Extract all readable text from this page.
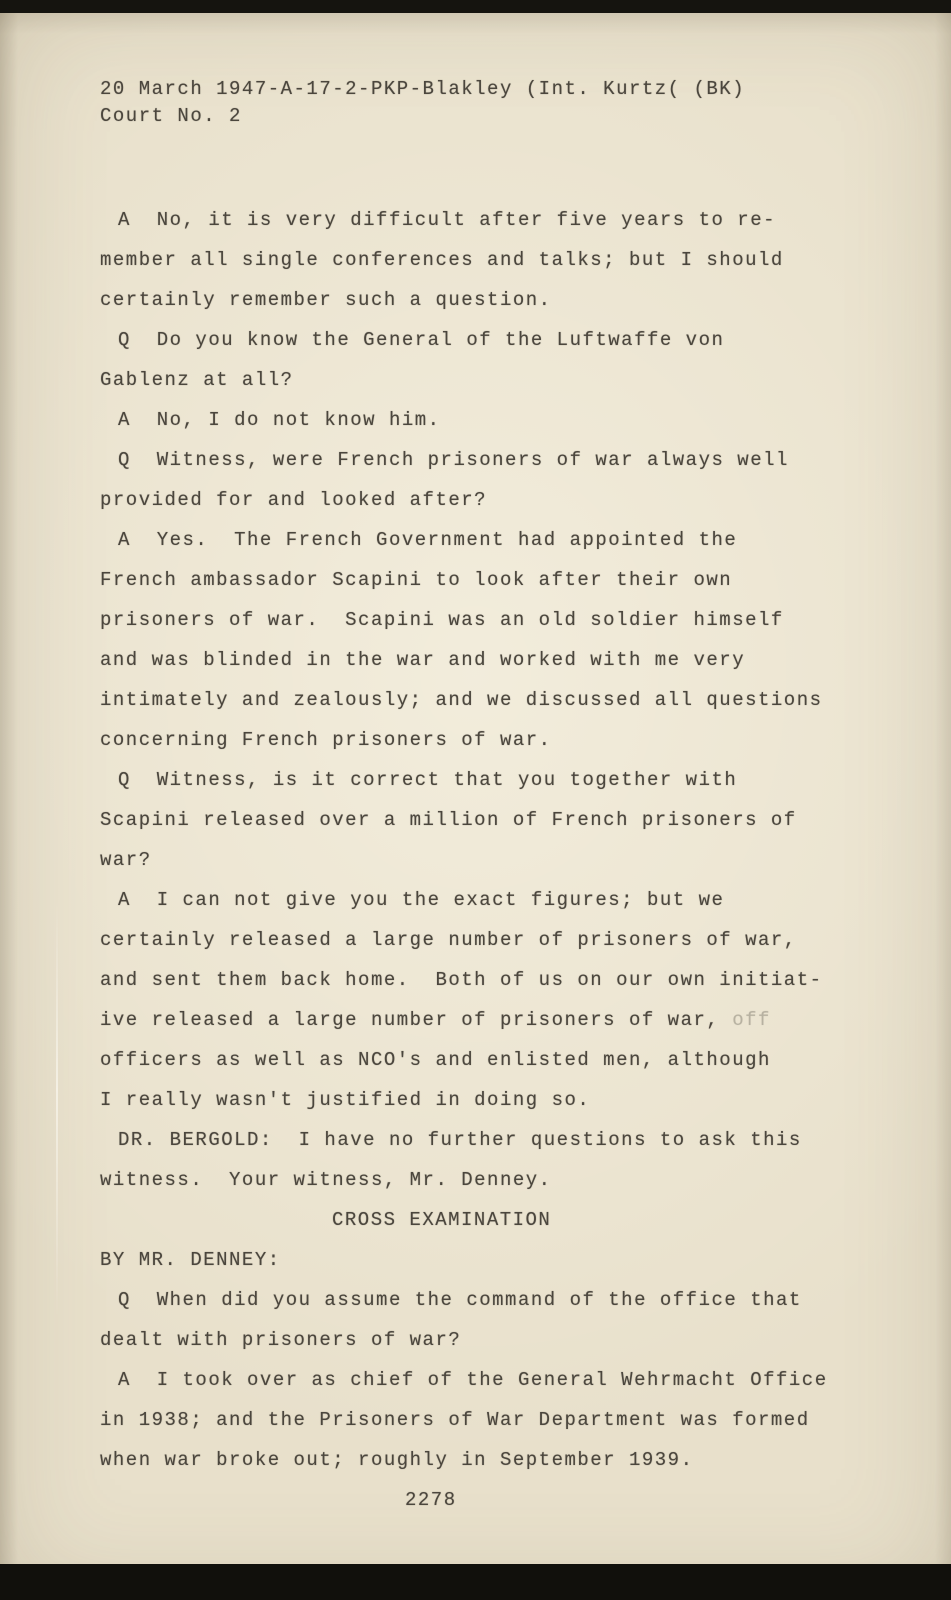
20 March 1947-A-17-2-PKP-Blakley (Int. Kurtz( (BK)
Court No. 2
A  No, it is very difficult after five years to re-
member all single conferences and talks; but I should
certainly remember such a question.
Q  Do you know the General of the Luftwaffe von
Gablenz at all?
A  No, I do not know him.
Q  Witness, were French prisoners of war always well
provided for and looked after?
A  Yes.  The French Government had appointed the
French ambassador Scapini to look after their own
prisoners of war.  Scapini was an old soldier himself
and was blinded in the war and worked with me very
intimately and zealously; and we discussed all questions
concerning French prisoners of war.
Q  Witness, is it correct that you together with
Scapini released over a million of French prisoners of
war?
A  I can not give you the exact figures; but we
certainly released a large number of prisoners of war,
and sent them back home.  Both of us on our own initiat-
ive released a large number of prisoners of war, off
officers as well as NCO's and enlisted men, although
I really wasn't justified in doing so.
DR. BERGOLD:  I have no further questions to ask this
witness.  Your witness, Mr. Denney.
CROSS EXAMINATION
BY MR. DENNEY:
Q  When did you assume the command of the office that
dealt with prisoners of war?
A  I took over as chief of the General Wehrmacht Office
in 1938; and the Prisoners of War Department was formed
when war broke out; roughly in September 1939.
2278
